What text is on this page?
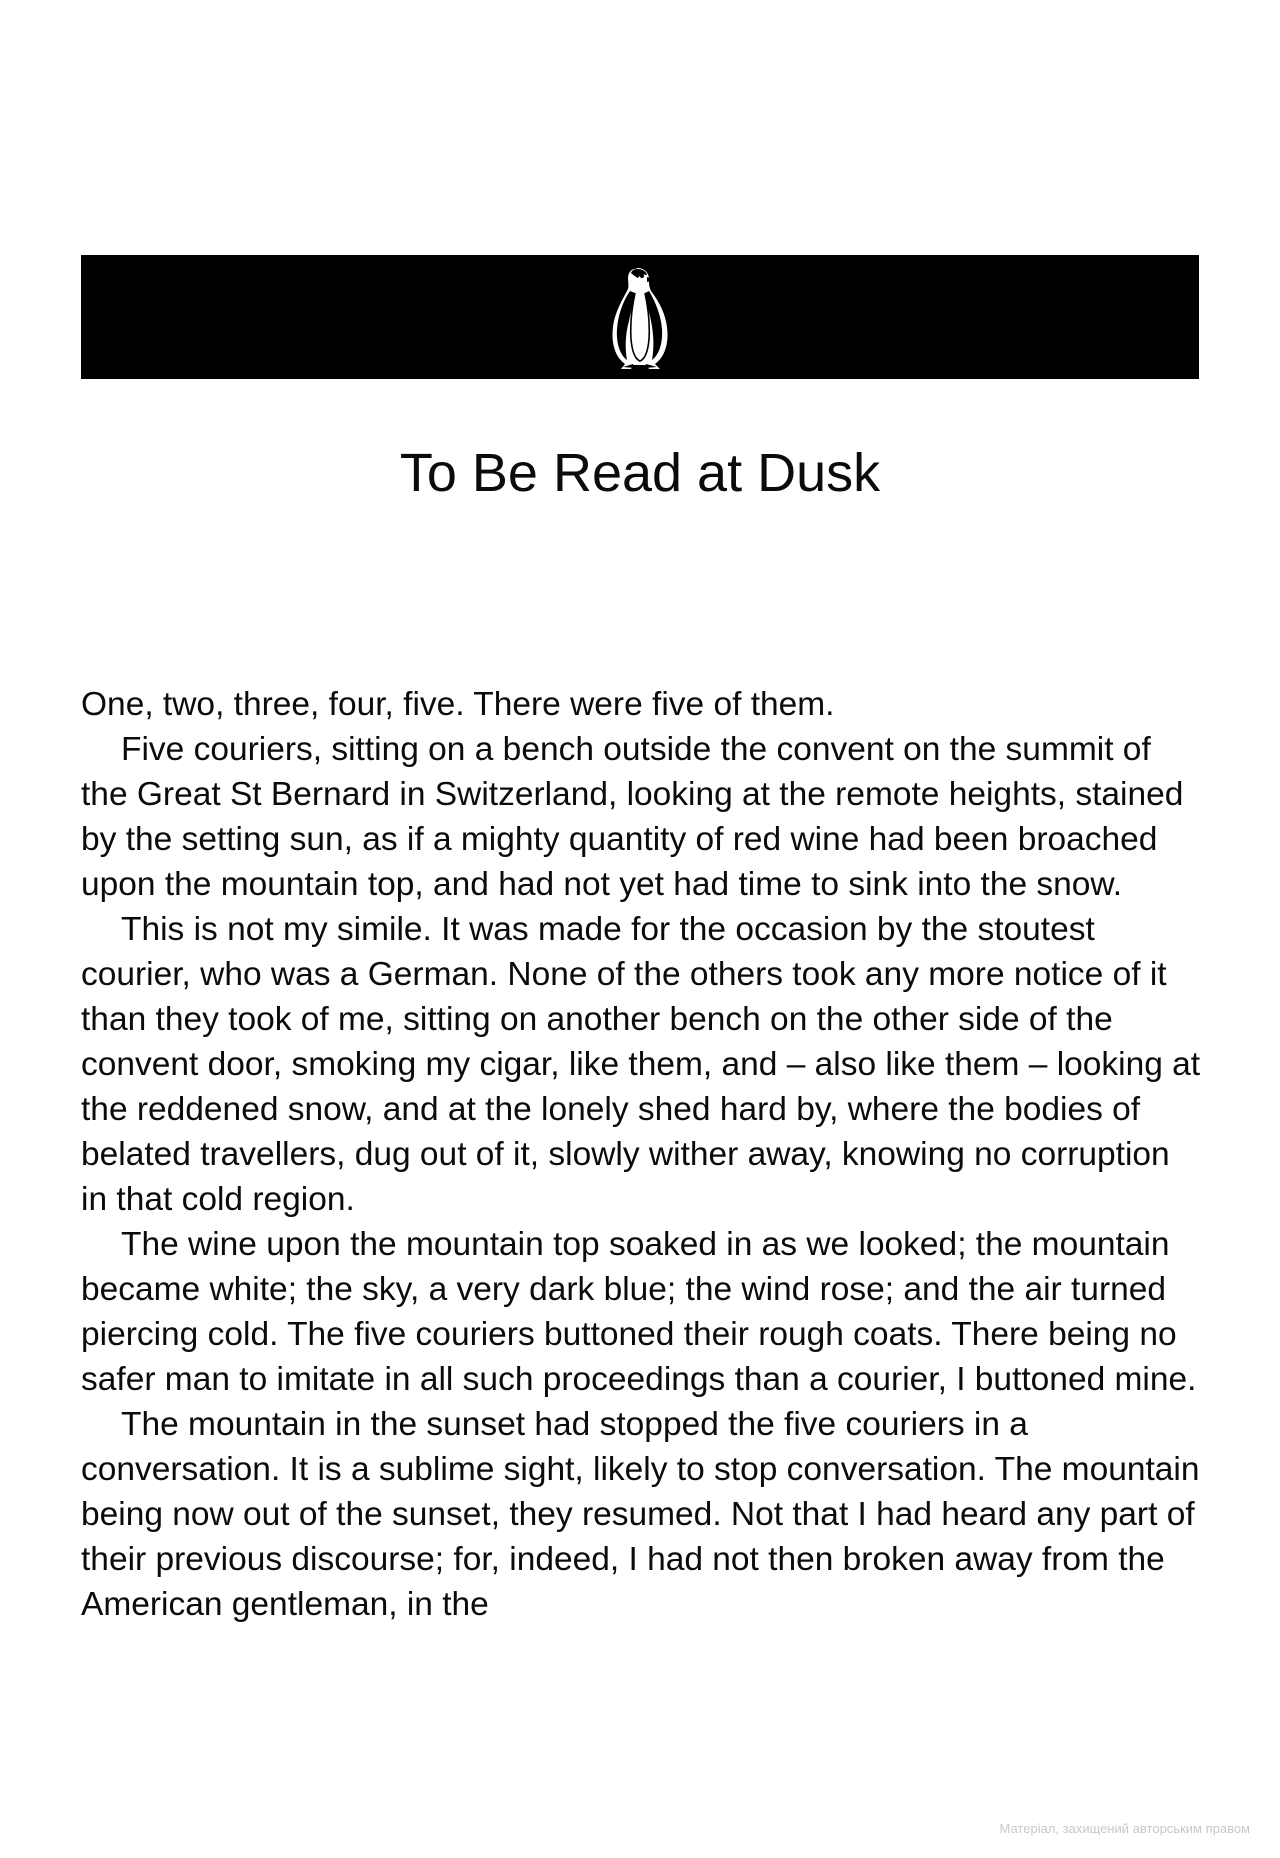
To Be Read at Dusk

One, two, three, four, five. There were five of them.

Five couriers, sitting on a bench outside the convent on the summit of the Great St Bernard in Switzerland, looking at the remote heights, stained by the setting sun, as if a mighty quantity of red wine had been broached upon the mountain top, and had not yet had time to sink into the snow.

This is not my simile. It was made for the occasion by the stoutest courier, who was a German. None of the others took any more notice of it than they took of me, sitting on another bench on the other side of the convent door, smoking my cigar, like them, and – also like them – looking at the reddened snow, and at the lonely shed hard by, where the bodies of belated travellers, dug out of it, slowly wither away, knowing no corruption in that cold region.

The wine upon the mountain top soaked in as we looked; the mountain became white; the sky, a very dark blue; the wind rose; and the air turned piercing cold. The five couriers buttoned their rough coats. There being no safer man to imitate in all such proceedings than a courier, I buttoned mine.

The mountain in the sunset had stopped the five couriers in a conversation. It is a sublime sight, likely to stop conversation. The mountain being now out of the sunset, they resumed. Not that I had heard any part of their previous discourse; for, indeed, I had not then broken away from the American gentleman, in the

Матеріал, захищений авторським правом
